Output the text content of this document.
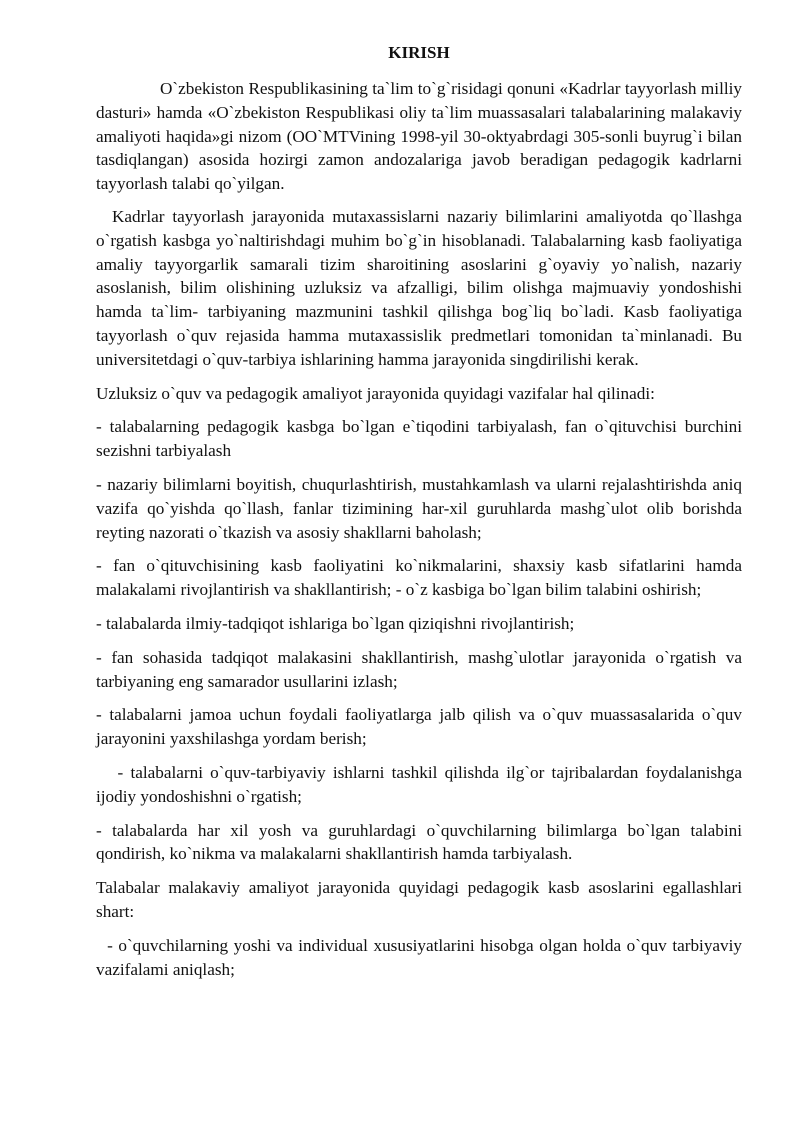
KIRISH

O`zbekiston Respublikasining ta`lim to`g`risidagi qonuni «Kadrlar tayyorlash milliy dasturi» hamda «O`zbekiston Respublikasi oliy ta`lim muassasalari talabalarining malakaviy amaliyoti haqida»gi nizom (OO`MTVining 1998-yil 30-oktyabrdagi 305-sonli buyrug`i bilan tasdiqlangan) asosida hozirgi zamon andozalariga javob beradigan pedagogik kadrlarni tayyorlash talabi qo`yilgan.

Kadrlar tayyorlash jarayonida mutaxassislarni nazariy bilimlarini amaliyotda qo`llashga o`rgatish kasbga yo`naltirishdagi muhim bo`g`in hisoblanadi. Talabalarning kasb faoliyatiga amaliy tayyorgarlik samarali tizim sharoitining asoslarini g`oyaviy yo`nalish, nazariy asoslanish, bilim olishining uzluksiz va afzalligi, bilim olishga majmuaviy yondoshishi hamda ta`lim- tarbiyaning mazmunini tashkil qilishga bog`liq bo`ladi. Kasb faoliyatiga tayyorlash o`quv rejasida hamma mutaxassislik predmetlari tomonidan ta`minlanadi. Bu universitetdagi o`quv-tarbiya ishlarining hamma jarayonida singdirilishi kerak.

Uzluksiz o`quv va pedagogik amaliyot jarayonida quyidagi vazifalar hal qilinadi:

- talabalarning pedagogik kasbga bo`lgan e`tiqodini tarbiyalash, fan o`qituvchisi burchini sezishni tarbiyalash

- nazariy bilimlarni boyitish, chuqurlashtirish, mustahkamlash va ularni rejalashtirishda aniq vazifa qo`yishda qo`llash, fanlar tizimining har-xil guruhlarda mashg`ulot olib borishda reyting nazorati o`tkazish va asosiy shakllarni baholash;

- fan o`qituvchisining kasb faoliyatini ko`nikmalarini, shaxsiy kasb sifatlarini hamda malakalami rivojlantirish va shakllantirish; - o`z kasbiga bo`lgan bilim talabini oshirish;

- talabalarda ilmiy-tadqiqot ishlariga bo`lgan qiziqishni rivojlantirish;

- fan sohasida tadqiqot malakasini shakllantirish, mashg`ulotlar jarayonida o`rgatish va tarbiyaning eng samarador usullarini izlash;

- talabalarni jamoa uchun foydali faoliyatlarga jalb qilish va o`quv muassasalarida o`quv jarayonini yaxshilashga yordam berish;

- talabalarni o`quv-tarbiyaviy ishlarni tashkil qilishda ilg`or tajribalardan foydalanishga ijodiy yondoshishni o`rgatish;

- talabalarda har xil yosh va guruhlardagi o`quvchilarning bilimlarga bo`lgan talabini qondirish, ko`nikma va malakalarni shakllantirish hamda tarbiyalash.

Talabalar malakaviy amaliyot jarayonida quyidagi pedagogik kasb asoslarini egallashlari shart:

- o`quvchilarning yoshi va individual xususiyatlarini hisobga olgan holda o`quv tarbiyaviy vazifalami aniqlash;
